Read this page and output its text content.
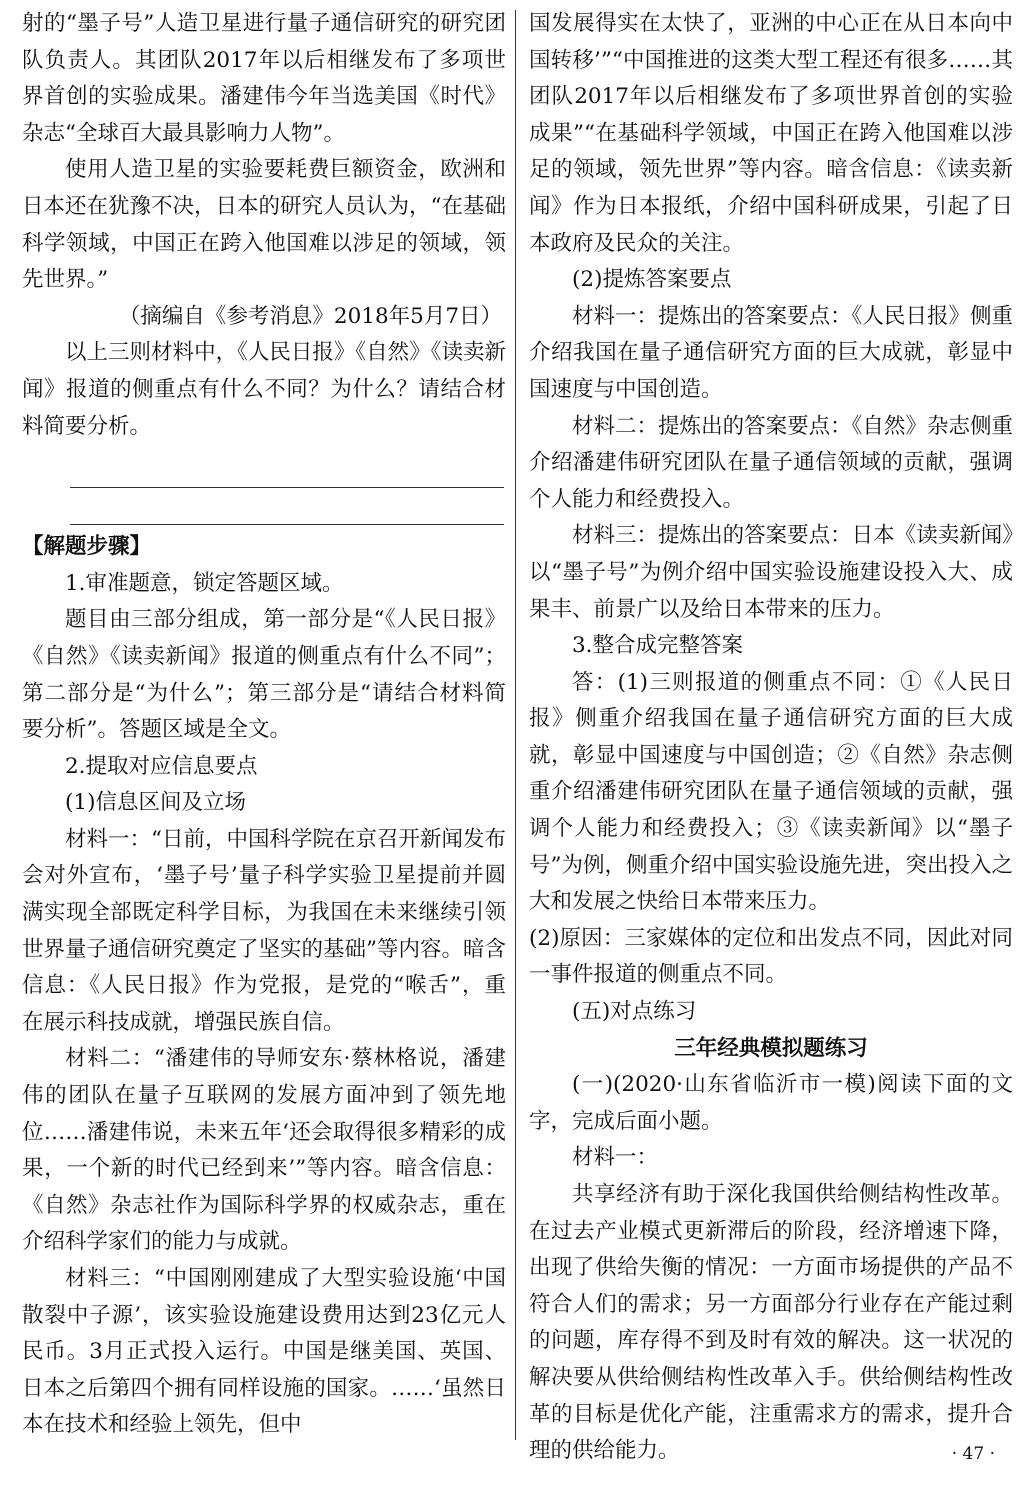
射的“墨子号”人造卫星进行量子通信研究的研究团队负责人。其团队2017年以后相继发布了多项世界首创的实验成果。潘建伟今年当选美国《时代》杂志“全球百大最具影响力人物”。

使用人造卫星的实验要耗费巨额资金，欧洲和日本还在犹豫不决，日本的研究人员认为，“在基础科学领域，中国正在跨入他国难以涉足的领域，领先世界。”

（摘编自《参考消息》2018年5月7日）

以上三则材料中，《人民日报》《自然》《读卖新闻》报道的侧重点有什么不同？为什么？请结合材料简要分析。

【解题步骤】

1.审准题意，锁定答题区域。

题目由三部分组成，第一部分是“《人民日报》《自然》《读卖新闻》报道的侧重点有什么不同”；第二部分是“为什么”；第三部分是“请结合材料简要分析”。答题区域是全文。

2.提取对应信息要点

(1)信息区间及立场

材料一：“日前，中国科学院在京召开新闻发布会对外宣布，‘墨子号’量子科学实验卫星提前并圆满实现全部既定科学目标，为我国在未来继续引领世界量子通信研究奠定了坚实的基础”等内容。暗含信息：《人民日报》作为党报，是党的“喉舌”，重在展示科技成就，增强民族自信。

材料二：“潘建伟的导师安东·蔡林格说，潘建伟的团队在量子互联网的发展方面冲到了领先地位……潘建伟说，未来五年‘还会取得很多精彩的成果，一个新的时代已经到来’”等内容。暗含信息：《自然》杂志社作为国际科学界的权威杂志，重在介绍科学家们的能力与成就。

材料三：“中国刚刚建成了大型实验设施‘中国散裂中子源’，该实验设施建设费用达到23亿元人民币。3月正式投入运行。中国是继美国、英国、日本之后第四个拥有同样设施的国家。……‘虽然日本在技术和经验上领先，但中

国发展得实在太快了，亚洲的中心正在从日本向中国转移’”“中国推进的这类大型工程还有很多……其团队2017年以后相继发布了多项世界首创的实验成果”“在基础科学领域，中国正在跨入他国难以涉足的领域，领先世界”等内容。暗含信息：《读卖新闻》作为日本报纸，介绍中国科研成果，引起了日本政府及民众的关注。

(2)提炼答案要点

材料一：提炼出的答案要点：《人民日报》侧重介绍我国在量子通信研究方面的巨大成就，彰显中国速度与中国创造。

材料二：提炼出的答案要点：《自然》杂志侧重介绍潘建伟研究团队在量子通信领域的贡献，强调个人能力和经费投入。

材料三：提炼出的答案要点：日本《读卖新闻》以“墨子号”为例介绍中国实验设施建设投入大、成果丰、前景广以及给日本带来的压力。

3.整合成完整答案

答：(1)三则报道的侧重点不同：①《人民日报》侧重介绍我国在量子通信研究方面的巨大成就，彰显中国速度与中国创造；②《自然》杂志侧重介绍潘建伟研究团队在量子通信领域的贡献，强调个人能力和经费投入；③《读卖新闻》以“墨子号”为例，侧重介绍中国实验设施先进，突出投入之大和发展之快给日本带来压力。

(2)原因：三家媒体的定位和出发点不同，因此对同一事件报道的侧重点不同。

(五)对点练习

三年经典模拟题练习

(一)(2020·山东省临沂市一模)阅读下面的文字，完成后面小题。

材料一：

共享经济有助于深化我国供给侧结构性改革。在过去产业模式更新滞后的阶段，经济增速下降，出现了供给失衡的情况：一方面市场提供的产品不符合人们的需求；另一方面部分行业存在产能过剩的问题，库存得不到及时有效的解决。这一状况的解决要从供给侧结构性改革入手。供给侧结构性改革的目标是优化产能，注重需求方的需求，提升合理的供给能力。	· 47 ·
